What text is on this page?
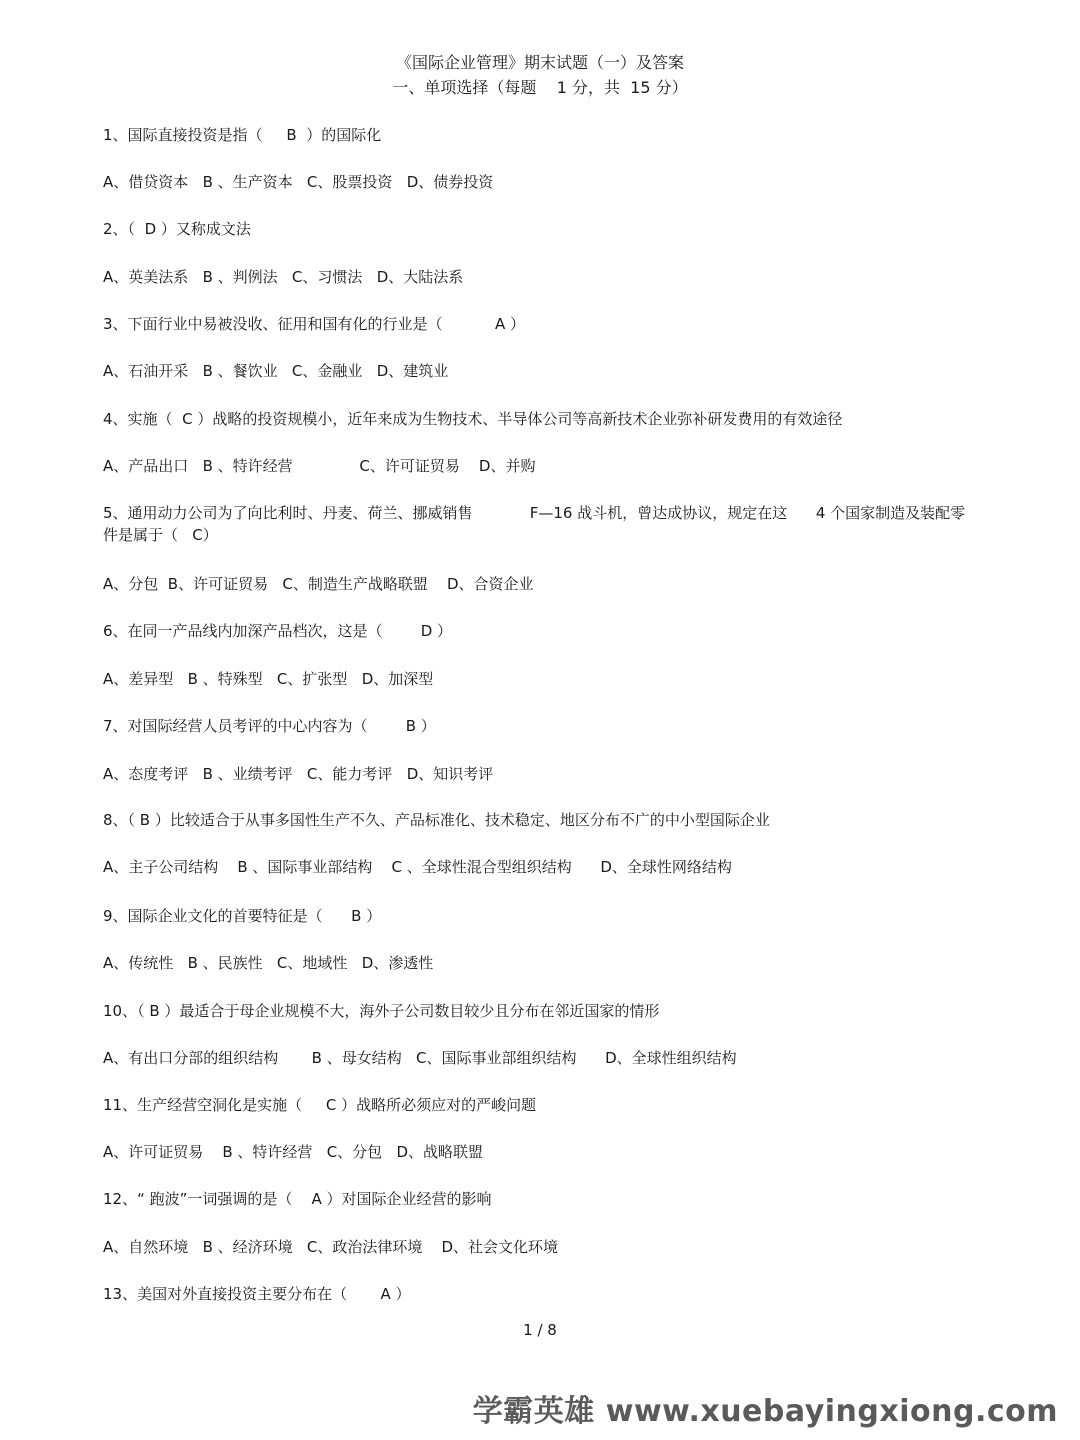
《国际企业管理》期末试题（一）及答案
一、单项选择（每题    1 分，共  15 分）
1、国际直接投资是指（     B  ）的国际化
A、借贷资本   B 、生产资本   C、股票投资   D、债券投资
2、（  D ）又称成文法
A、英美法系   B 、判例法   C、习惯法   D、大陆法系
3、下面行业中易被没收、征用和国有化的行业是（           A ）
A、石油开采   B 、餐饮业   C、金融业   D、建筑业
4、实施（  C ）战略的投资规模小，近年来成为生物技术、半导体公司等高新技术企业弥补研发费用的有效途径
A、产品出口   B 、特许经营              C、许可证贸易    D、并购
5、通用动力公司为了向比利时、丹麦、荷兰、挪威销售            F—16 战斗机，曾达成协议，规定在这      4 个国家制造及装配零件是属于（   C）
A、分包  B、许可证贸易   C、制造生产战略联盟    D、合资企业
6、在同一产品线内加深产品档次，这是（        D ）
A、差异型   B 、特殊型   C、扩张型   D、加深型
7、对国际经营人员考评的中心内容为（        B ）
A、态度考评   B 、业绩考评   C、能力考评   D、知识考评
8、（ B ）比较适合于从事多国性生产不久、产品标准化、技术稳定、地区分布不广的中小型国际企业
A、主子公司结构    B 、国际事业部结构    C 、全球性混合型组织结构      D、全球性网络结构
9、国际企业文化的首要特征是（      B ）
A、传统性   B 、民族性   C、地域性   D、渗透性
10、（ B ）最适合于母企业规模不大，海外子公司数目较少且分布在邻近国家的情形
A、有出口分部的组织结构       B 、母女结构   C、国际事业部组织结构      D、全球性组织结构
11、生产经营空洞化是实施（     C ）战略所必须应对的严峻问题
A、许可证贸易    B 、特许经营   C、分包   D、战略联盟
12、“ 跑波”一词强调的是（    A ）对国际企业经营的影响
A、自然环境   B 、经济环境   C、政治法律环境    D、社会文化环境
13、美国对外直接投资主要分布在（       A ）
1 / 8
学霸英雄 www.xuebayingxiong.com
